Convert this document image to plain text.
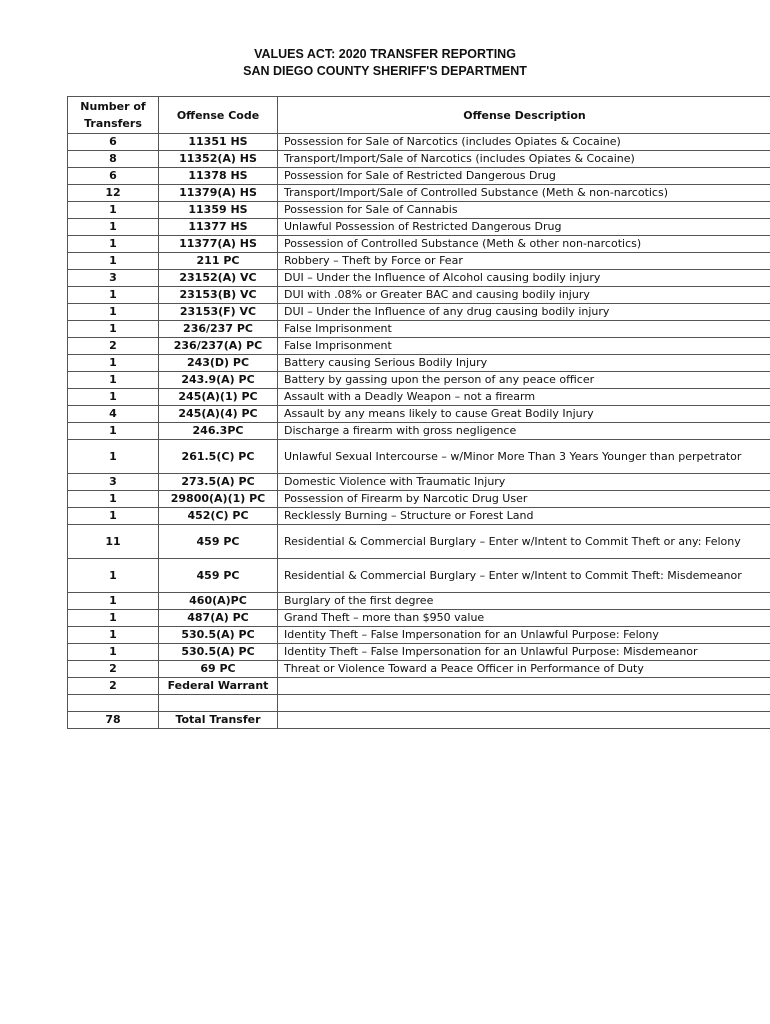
VALUES ACT: 2020 TRANSFER REPORTING
SAN DIEGO COUNTY SHERIFF'S DEPARTMENT
Number of Transfers	Offense Code	Offense Description
6	11351 HS	Possession for Sale of Narcotics (includes Opiates & Cocaine)
8	11352(A) HS	Transport/Import/Sale of Narcotics (includes Opiates & Cocaine)
6	11378 HS	Possession for Sale of Restricted Dangerous Drug
12	11379(A) HS	Transport/Import/Sale of Controlled Substance (Meth & non-narcotics)
1	11359 HS	Possession for Sale of Cannabis
1	11377 HS	Unlawful Possession of Restricted Dangerous Drug
1	11377(A) HS	Possession of Controlled Substance (Meth & other non-narcotics)
1	211 PC	Robbery – Theft by Force or Fear
3	23152(A) VC	DUI – Under the Influence of Alcohol causing bodily injury
1	23153(B) VC	DUI with .08% or Greater BAC and causing bodily injury
1	23153(F) VC	DUI – Under the Influence of any drug causing bodily injury
1	236/237 PC	False Imprisonment
2	236/237(A) PC	False Imprisonment
1	243(D) PC	Battery causing Serious Bodily Injury
1	243.9(A) PC	Battery by gassing upon the person of any peace officer
1	245(A)(1) PC	Assault with a Deadly Weapon – not a firearm
4	245(A)(4) PC	Assault by any means likely to cause Great Bodily Injury
1	246.3PC	Discharge a firearm with gross negligence
1	261.5(C) PC	Unlawful Sexual Intercourse – w/Minor More Than 3 Years Younger than perpetrator
3	273.5(A) PC	Domestic Violence with Traumatic Injury
1	29800(A)(1) PC	Possession of Firearm by Narcotic Drug User
1	452(C) PC	Recklessly Burning – Structure or Forest Land
11	459 PC	Residential & Commercial Burglary – Enter w/Intent to Commit Theft or any: Felony
1	459 PC	Residential & Commercial Burglary – Enter w/Intent to Commit Theft: Misdemeanor
1	460(A)PC	Burglary of the first degree
1	487(A) PC	Grand Theft – more than $950 value
1	530.5(A) PC	Identity Theft – False Impersonation for an Unlawful Purpose: Felony
1	530.5(A) PC	Identity Theft – False Impersonation for an Unlawful Purpose: Misdemeanor
2	69 PC	Threat or Violence Toward a Peace Officer in Performance of Duty
2	Federal Warrant	

78	Total Transfer	
